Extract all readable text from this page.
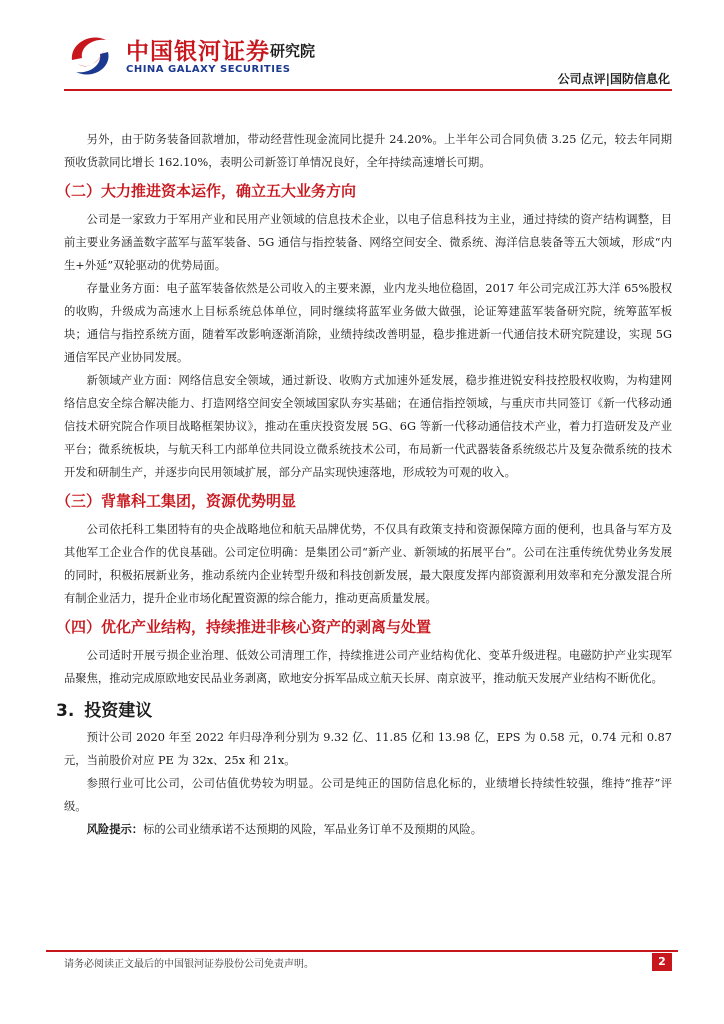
中国银河证券
CHINA GALAXY SECURITIES
研究院
公司点评|国防信息化

另外，由于防务装备回款增加，带动经营性现金流同比提升 24.20%。上半年公司合同负债 3.25 亿元，较去年同期预收货款同比增长 162.10%，表明公司新签订单情况良好，全年持续高速增长可期。

（二）大力推进资本运作，确立五大业务方向

公司是一家致力于军用产业和民用产业领域的信息技术企业，以电子信息科技为主业，通过持续的资产结构调整，目前主要业务涵盖数字蓝军与蓝军装备、5G 通信与指控装备、网络空间安全、微系统、海洋信息装备等五大领域，形成“内生+外延”双轮驱动的优势局面。

存量业务方面：电子蓝军装备依然是公司收入的主要来源，业内龙头地位稳固，2017 年公司完成江苏大洋 65%股权的收购，升级成为高速水上目标系统总体单位，同时继续将蓝军业务做大做强，论证筹建蓝军装备研究院，统筹蓝军板块；通信与指控系统方面，随着军改影响逐渐消除，业绩持续改善明显，稳步推进新一代通信技术研究院建设，实现 5G 通信军民产业协同发展。

新领域产业方面：网络信息安全领域，通过新设、收购方式加速外延发展，稳步推进锐安科技控股权收购，为构建网络信息安全综合解决能力、打造网络空间安全领域国家队夯实基础；在通信指控领域，与重庆市共同签订《新一代移动通信技术研究院合作项目战略框架协议》，推动在重庆投资发展 5G、6G 等新一代移动通信技术产业，着力打造研发及产业平台；微系统板块，与航天科工内部单位共同设立微系统技术公司，布局新一代武器装备系统级芯片及复杂微系统的技术开发和研制生产，并逐步向民用领域扩展，部分产品实现快速落地，形成较为可观的收入。

（三）背靠科工集团，资源优势明显

公司依托科工集团特有的央企战略地位和航天品牌优势，不仅具有政策支持和资源保障方面的便利，也具备与军方及其他军工企业合作的优良基础。公司定位明确：是集团公司“新产业、新领域的拓展平台”。公司在注重传统优势业务发展的同时，积极拓展新业务，推动系统内企业转型升级和科技创新发展，最大限度发挥内部资源利用效率和充分激发混合所有制企业活力，提升企业市场化配置资源的综合能力，推动更高质量发展。

（四）优化产业结构，持续推进非核心资产的剥离与处置

公司适时开展亏损企业治理、低效公司清理工作，持续推进公司产业结构优化、变革升级进程。电磁防护产业实现军品聚焦，推动完成原欧地安民品业务剥离，欧地安分拆军品成立航天长屏、南京波平，推动航天发展产业结构不断优化。

3. 投资建议

预计公司 2020 年至 2022 年归母净利分别为 9.32 亿、11.85 亿和 13.98 亿，EPS 为 0.58 元，0.74 元和 0.87 元，当前股价对应 PE 为 32x、25x 和 21x。

参照行业可比公司，公司估值优势较为明显。公司是纯正的国防信息化标的，业绩增长持续性较强，维持“推荐”评级。

风险提示：标的公司业绩承诺不达预期的风险，军品业务订单不及预期的风险。

请务必阅读正文最后的中国银河证券股份公司免责声明。	2
